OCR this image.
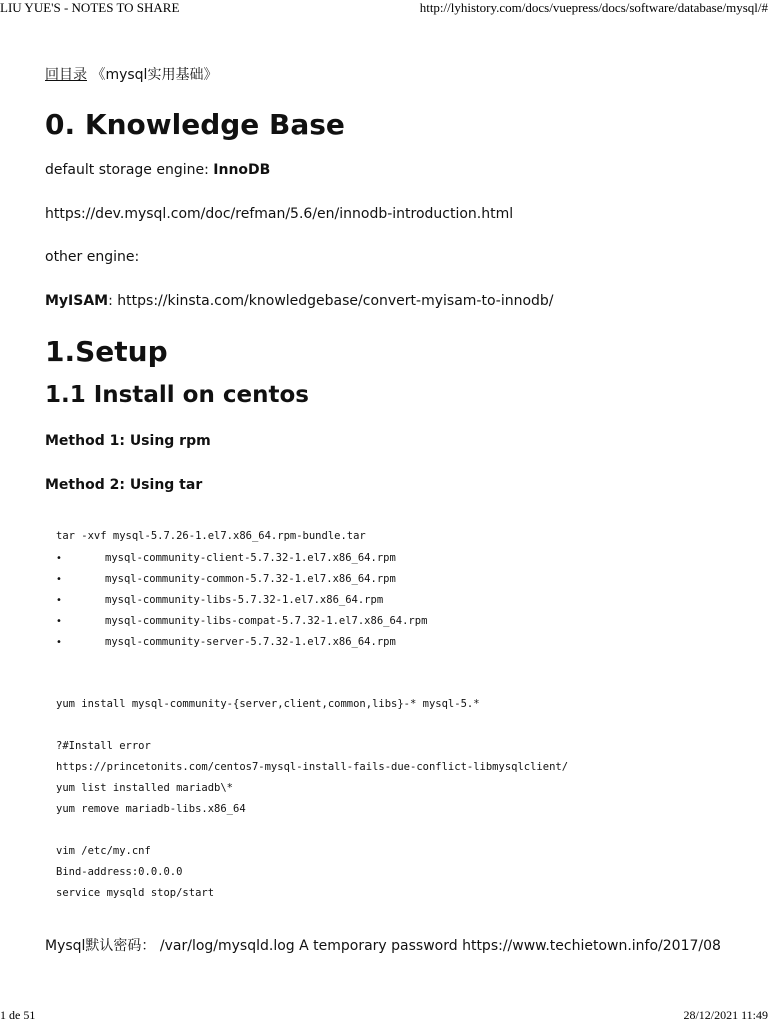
LIU YUE'S - NOTES TO SHARE	http://lyhistory.com/docs/vuepress/docs/software/database/mysql/#
回目录 《mysql实用基础》
0. Knowledge Base
default storage engine: InnoDB
https://dev.mysql.com/doc/refman/5.6/en/innodb-introduction.html
other engine:
MyISAM: https://kinsta.com/knowledgebase/convert-myisam-to-innodb/
1.Setup
1.1 Install on centos
Method 1: Using rpm
Method 2: Using tar
tar -xvf mysql-5.7.26-1.el7.x86_64.rpm-bundle.tar
•	mysql-community-client-5.7.32-1.el7.x86_64.rpm
•	mysql-community-common-5.7.32-1.el7.x86_64.rpm
•	mysql-community-libs-5.7.32-1.el7.x86_64.rpm
•	mysql-community-libs-compat-5.7.32-1.el7.x86_64.rpm
•	mysql-community-server-5.7.32-1.el7.x86_64.rpm
yum install mysql-community-{server,client,common,libs}-* mysql-5.*
?#Install error
https://princetonits.com/centos7-mysql-install-fails-due-conflict-libmysqlclient/
yum list installed mariadb\*
yum remove mariadb-libs.x86_64
vim /etc/my.cnf
Bind-address:0.0.0.0
service mysqld stop/start
Mysql默认密码： /var/log/mysqld.log A temporary password https://www.techietown.info/2017/08
1 de 51	28/12/2021 11:49
